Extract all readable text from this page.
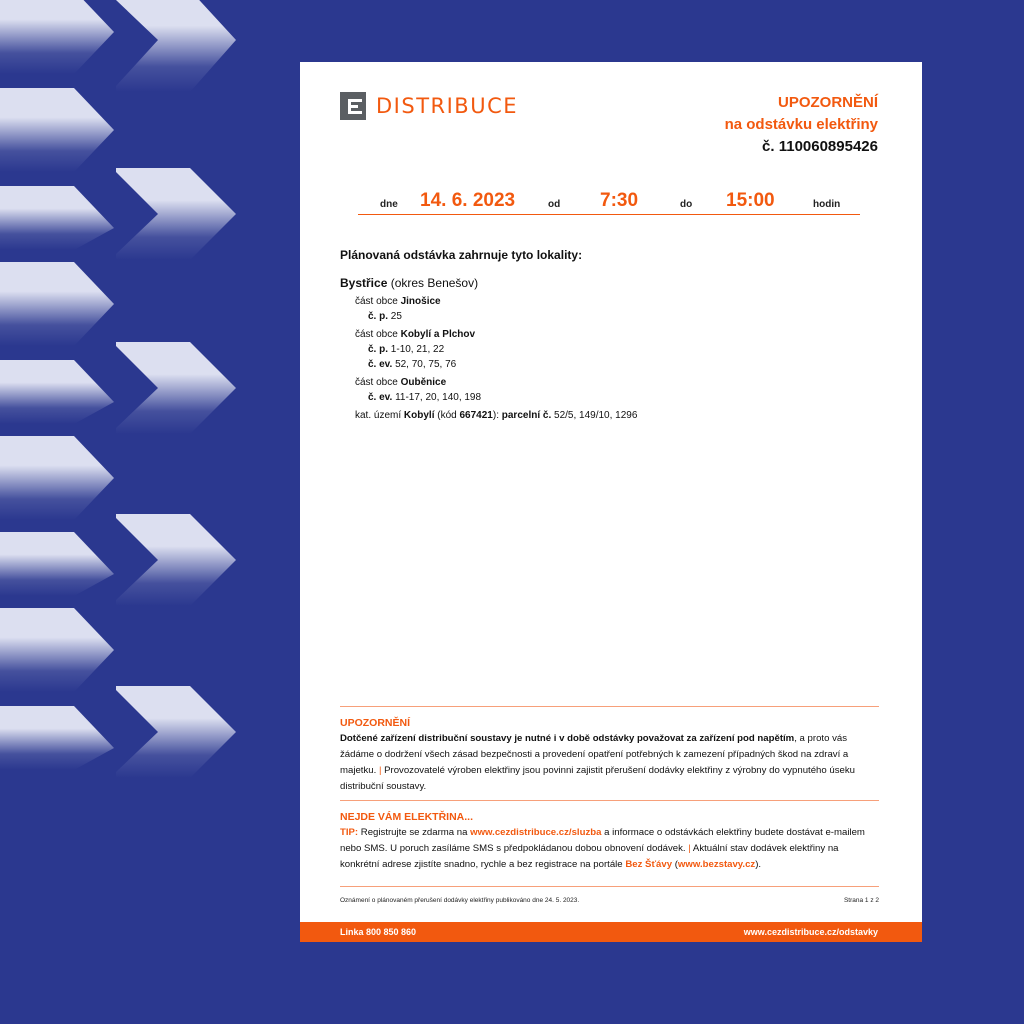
DISTRIBUCE	UPOZORNĚNÍ
na odstávku elektřiny
č. 110060895426
dne 14. 6. 2023	od 7:30	do 15:00	hodin
Plánovaná odstávka zahrnuje tyto lokality:
Bystřice (okres Benešov)
část obce Jinošice
č. p. 25
část obce Kobylí a Plchov
č. p. 1-10, 21, 22
č. ev. 52, 70, 75, 76
část obce Ouběnice
č. ev. 11-17, 20, 140, 198
kat. území Kobylí (kód 667421): parcelní č. 52/5, 149/10, 1296
UPOZORNĚNÍ
Dotčené zařízení distribuční soustavy je nutné i v době odstávky považovat za zařízení pod napětím, a proto vás žádáme o dodržení všech zásad bezpečnosti a provedení opatření potřebných k zamezení případných škod na zdraví a majetku. | Provozovatelé výroben elektřiny jsou povinni zajistit přerušení dodávky elektřiny z výrobny do vypnutého úseku distribuční soustavy.
NEJDE VÁM ELEKTŘINA...
TIP: Registrujte se zdarma na www.cezdistribuce.cz/sluzba a informace o odstávkách elektřiny budete dostávat e-mailem nebo SMS. U poruch zasíláme SMS s předpokládanou dobou obnovení dodávek. | Aktuální stav dodávek elektřiny na konkrétní adrese zjistíte snadno, rychle a bez registrace na portále Bez Šťávy (www.bezstavy.cz).
Oznámení o plánovaném přerušení dodávky elektřiny publikováno dne 24. 5. 2023.	Strana 1 z 2
Linka 800 850 860	www.cezdistribuce.cz/odstavky
